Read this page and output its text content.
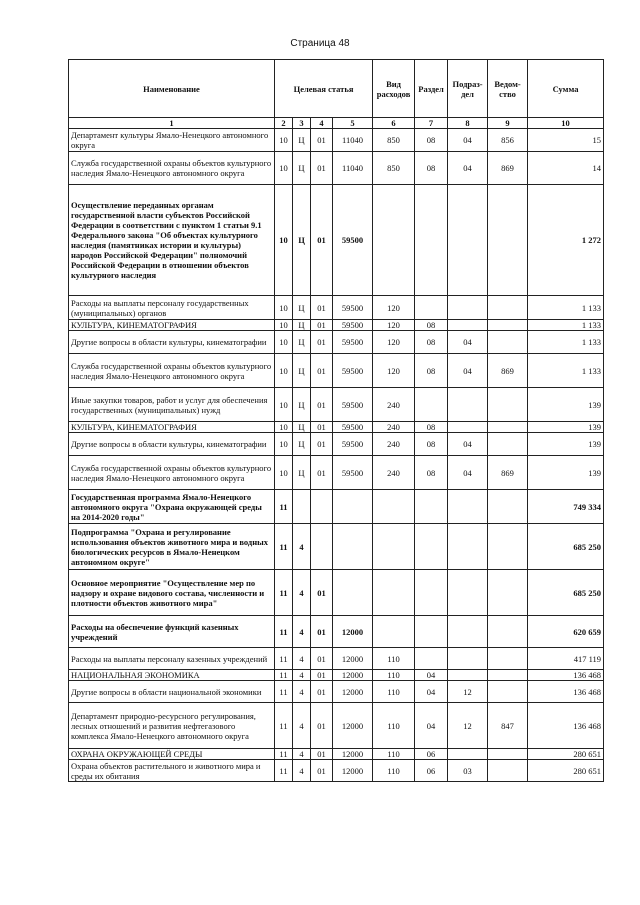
Страница 48
Наименование	Целевая статья				Вид расходов	Раздел	Подраз-дел	Ведом-ство	Сумма
1	2	3	4	5	6	7	8	9	10
Департамент культуры Ямало-Ненецкого автономного округа	10	Ц	01	11040	850	08	04	856	15
Служба государственной охраны объектов культурного наследия Ямало-Ненецкого автономного округа	10	Ц	01	11040	850	08	04	869	14
Осуществление переданных органам государственной власти субъектов Российской Федерации в соответствии с пунктом 1 статьи 9.1 Федерального закона "Об объектах культурного наследия (памятниках истории и культуры) народов Российской Федерации" полномочий Российской Федерации в отношении объектов культурного наследия	10	Ц	01	59500					1 272
Расходы на выплаты персоналу государственных (муниципальных) органов	10	Ц	01	59500	120				1 133
КУЛЬТУРА, КИНЕМАТОГРАФИЯ	10	Ц	01	59500	120	08			1 133
Другие вопросы в области культуры, кинематографии	10	Ц	01	59500	120	08	04		1 133
Служба государственной охраны объектов культурного наследия Ямало-Ненецкого автономного округа	10	Ц	01	59500	120	08	04	869	1 133
Иные закупки товаров, работ и услуг для обеспечения государственных (муниципальных) нужд	10	Ц	01	59500	240				139
КУЛЬТУРА, КИНЕМАТОГРАФИЯ	10	Ц	01	59500	240	08			139
Другие вопросы в области культуры, кинематографии	10	Ц	01	59500	240	08	04		139
Служба государственной охраны объектов культурного наследия Ямало-Ненецкого автономного округа	10	Ц	01	59500	240	08	04	869	139
Государственная программа Ямало-Ненецкого автономного округа "Охрана окружающей среды на 2014-2020 годы"	11								749 334
Подпрограмма "Охрана и регулирование использования объектов животного мира и водных биологических ресурсов в Ямало-Ненецком автономном округе"	11	4							685 250
Основное мероприятие "Осуществление мер по надзору и охране видового состава, численности и плотности объектов животного мира"	11	4	01						685 250
Расходы на обеспечение функций казенных учреждений	11	4	01	12000					620 659
Расходы на выплаты персоналу казенных учреждений	11	4	01	12000	110				417 119
НАЦИОНАЛЬНАЯ ЭКОНОМИКА	11	4	01	12000	110	04			136 468
Другие вопросы в области национальной экономики	11	4	01	12000	110	04	12		136 468
Департамент природно-ресурсного регулирования, лесных отношений и развития нефтегазового комплекса Ямало-Ненецкого автономного округа	11	4	01	12000	110	04	12	847	136 468
ОХРАНА ОКРУЖАЮЩЕЙ СРЕДЫ	11	4	01	12000	110	06			280 651
Охрана объектов растительного и животного мира и среды их обитания	11	4	01	12000	110	06	03		280 651
